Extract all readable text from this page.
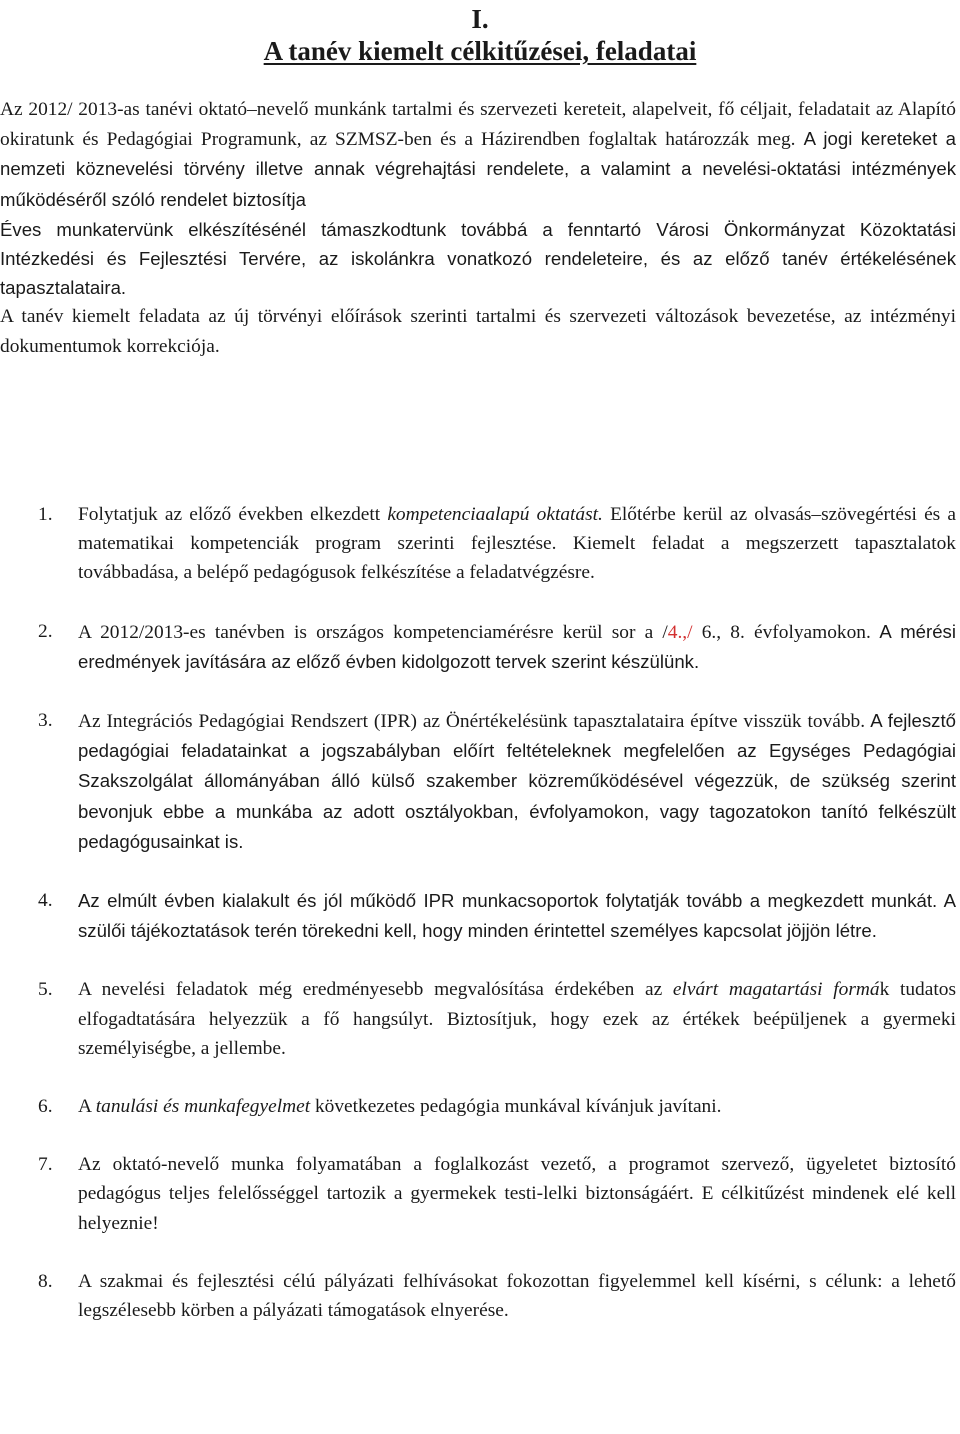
I.
A tanév kiemelt célkitűzései, feladatai

Az 2012/ 2013-as tanévi oktató–nevelő munkánk tartalmi és szervezeti kereteit, alapelveit, fő céljait, feladatait az Alapító okiratunk és Pedagógiai Programunk, az SZMSZ-ben és a Házirendben foglaltak határozzák meg. A jogi kereteket a nemzeti köznevelési törvény illetve annak végrehajtási rendelete, a valamint a nevelési-oktatási intézmények működéséről szóló rendelet biztosítja

Éves munkatervünk elkészítésénél támaszkodtunk továbbá a fenntartó Városi Önkormányzat Közoktatási Intézkedési és Fejlesztési Tervére, az iskolánkra vonatkozó rendeleteire, és az előző tanév értékelésének tapasztalataira.

A tanév kiemelt feladata az új törvényi előírások szerinti tartalmi és szervezeti változások bevezetése, az intézményi dokumentumok korrekciója.

1. Folytatjuk az előző években elkezdett kompetenciaalapú oktatást. Előtérbe kerül az olvasás–szövegértési és a matematikai kompetenciák program szerinti fejlesztése. Kiemelt feladat a megszerzett tapasztalatok továbbadása, a belépő pedagógusok felkészítése a feladatvégzésre.
2. A 2012/2013-es tanévben is országos kompetenciamérésre kerül sor a /4.,/ 6., 8. évfolyamokon. A mérési eredmények javítására az előző évben kidolgozott tervek szerint készülünk.
3. Az Integrációs Pedagógiai Rendszert (IPR) az Önértékelésünk tapasztalataira építve visszük tovább. A fejlesztő pedagógiai feladatainkat a jogszabályban előírt feltételeknek megfelelően az Egységes Pedagógiai Szakszolgálat állományában álló külső szakember közreműködésével végezzük, de szükség szerint bevonjuk ebbe a munkába az adott osztályokban, évfolyamokon, vagy tagozatokon tanító felkészült pedagógusainkat is.
4. Az elmúlt évben kialakult és jól működő IPR munkacsoportok folytatják tovább a megkezdett munkát. A szülői tájékoztatások terén törekedni kell, hogy minden érintettel személyes kapcsolat jöjjön létre.
5. A nevelési feladatok még eredményesebb megvalósítása érdekében az elvárt magatartási formák tudatos elfogadtatására helyezzük a fő hangsúlyt. Biztosítjuk, hogy ezek az értékek beépüljenek a gyermeki személyiségbe, a jellembe.
6. A tanulási és munkafegyelmet következetes pedagógia munkával kívánjuk javítani.
7. Az oktató-nevelő munka folyamatában a foglalkozást vezető, a programot szervező, ügyeletet biztosító pedagógus teljes felelősséggel tartozik a gyermekek testi-lelki biztonságáért. E célkitűzést mindenek elé kell helyeznie!
8. A szakmai és fejlesztési célú pályázati felhívásokat fokozottan figyelemmel kell kísérni, s célunk: a lehető legszélesebb körben a pályázati támogatások elnyerése.
